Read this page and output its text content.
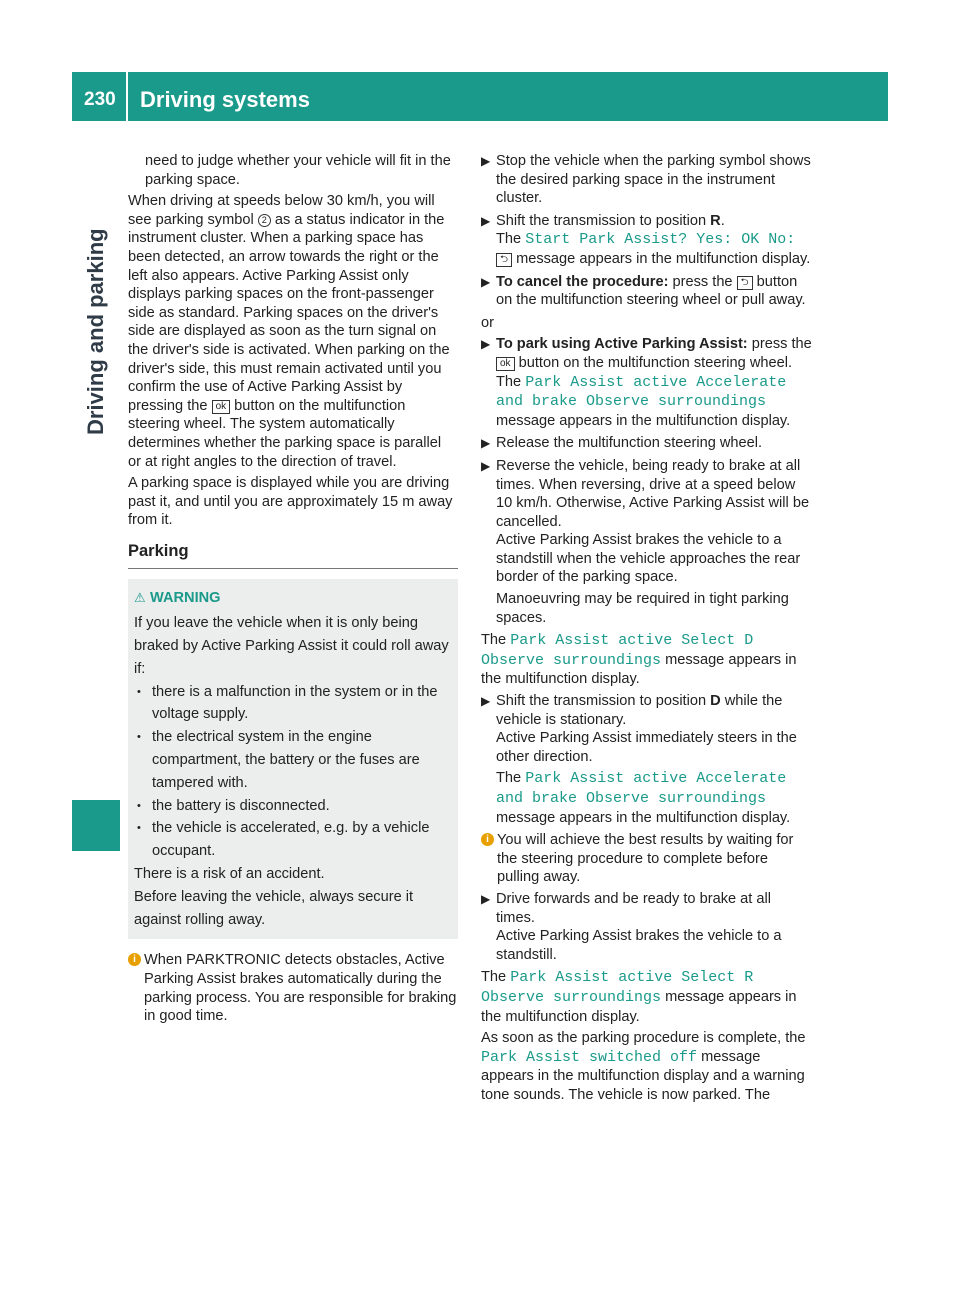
230 Driving systems
Driving and parking

need to judge whether your vehicle will fit in the parking space.

When driving at speeds below 30 km/h, you will see parking symbol 2 as a status indicator in the instrument cluster. When a parking space has been detected, an arrow towards the right or the left also appears. Active Parking Assist only displays parking spaces on the front-passenger side as standard. Parking spaces on the driver's side are displayed as soon as the turn signal on the driver's side is activated. When parking on the driver's side, this must remain activated until you confirm the use of Active Parking Assist by pressing the ok button on the multifunction steering wheel. The system automatically determines whether the parking space is parallel or at right angles to the direction of travel.

A parking space is displayed while you are driving past it, and until you are approximately 15 m away from it.

Parking

⚠ WARNING

If you leave the vehicle when it is only being braked by Active Parking Assist it could roll away if:

• there is a malfunction in the system or in the voltage supply.

• the electrical system in the engine compartment, the battery or the fuses are tampered with.

• the battery is disconnected.

• the vehicle is accelerated, e.g. by a vehicle occupant.

There is a risk of an accident.

Before leaving the vehicle, always secure it against rolling away.

i When PARKTRONIC detects obstacles, Active Parking Assist brakes automatically during the parking process. You are responsible for braking in good time.

▶ Stop the vehicle when the parking symbol shows the desired parking space in the instrument cluster.

▶ Shift the transmission to position R.
The Start Park Assist? Yes: OK No:
⮌ message appears in the multifunction display.

▶ To cancel the procedure: press the ⮌ button on the multifunction steering wheel or pull away.

or

▶ To park using Active Parking Assist: press the ok button on the multifunction steering wheel.
The Park Assist active Accelerate
and brake Observe surroundings message appears in the multifunction display.

▶ Release the multifunction steering wheel.

▶ Reverse the vehicle, being ready to brake at all times. When reversing, drive at a speed below 10 km/h. Otherwise, Active Parking Assist will be cancelled.
Active Parking Assist brakes the vehicle to a standstill when the vehicle approaches the rear border of the parking space.

Manoeuvring may be required in tight parking spaces.

The Park Assist active Select D
Observe surroundings message appears in the multifunction display.

▶ Shift the transmission to position D while the vehicle is stationary.
Active Parking Assist immediately steers in the other direction.

The Park Assist active Accelerate
and brake Observe surroundings message appears in the multifunction display.

i You will achieve the best results by waiting for the steering procedure to complete before pulling away.

▶ Drive forwards and be ready to brake at all times.
Active Parking Assist brakes the vehicle to a standstill.

The Park Assist active Select R
Observe surroundings message appears in the multifunction display.

As soon as the parking procedure is complete, the Park Assist switched off message appears in the multifunction display and a warning tone sounds. The vehicle is now parked. The
